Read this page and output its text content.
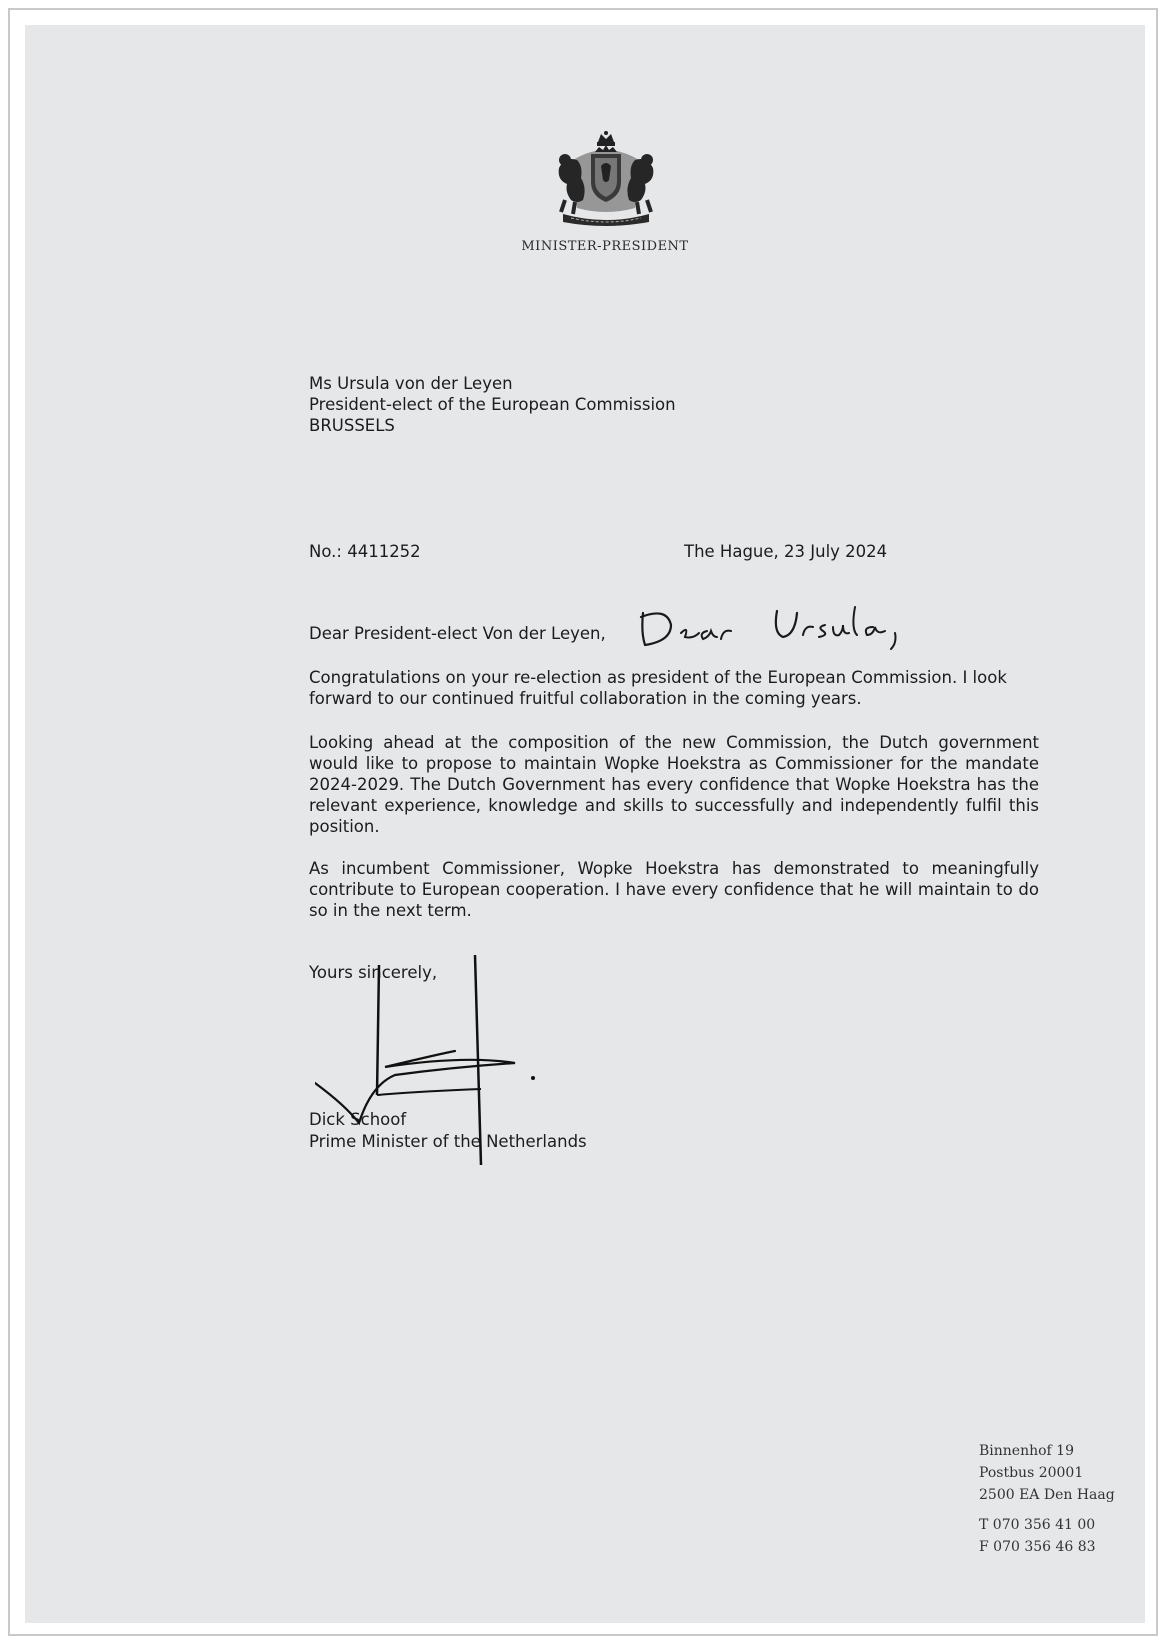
MINISTER-PRESIDENT
Ms Ursula von der Leyen
President-elect of the European Commission
BRUSSELS
No.: 4411252	The Hague, 23 July 2024
Dear President-elect Von der Leyen,

Congratulations on your re-election as president of the European Commission. I look forward to our continued fruitful collaboration in the coming years.

Looking ahead at the composition of the new Commission, the Dutch government would like to propose to maintain Wopke Hoekstra as Commissioner for the mandate 2024-2029. The Dutch Government has every confidence that Wopke Hoekstra has the relevant experience, knowledge and skills to successfully and independently fulfil this position.

As incumbent Commissioner, Wopke Hoekstra has demonstrated to meaningfully contribute to European cooperation. I have every confidence that he will maintain to do so in the next term.

Yours sincerely,
Dick Schoof
Prime Minister of the Netherlands
Binnenhof 19
Postbus 20001
2500 EA Den Haag
T 070 356 41 00
F 070 356 46 83
